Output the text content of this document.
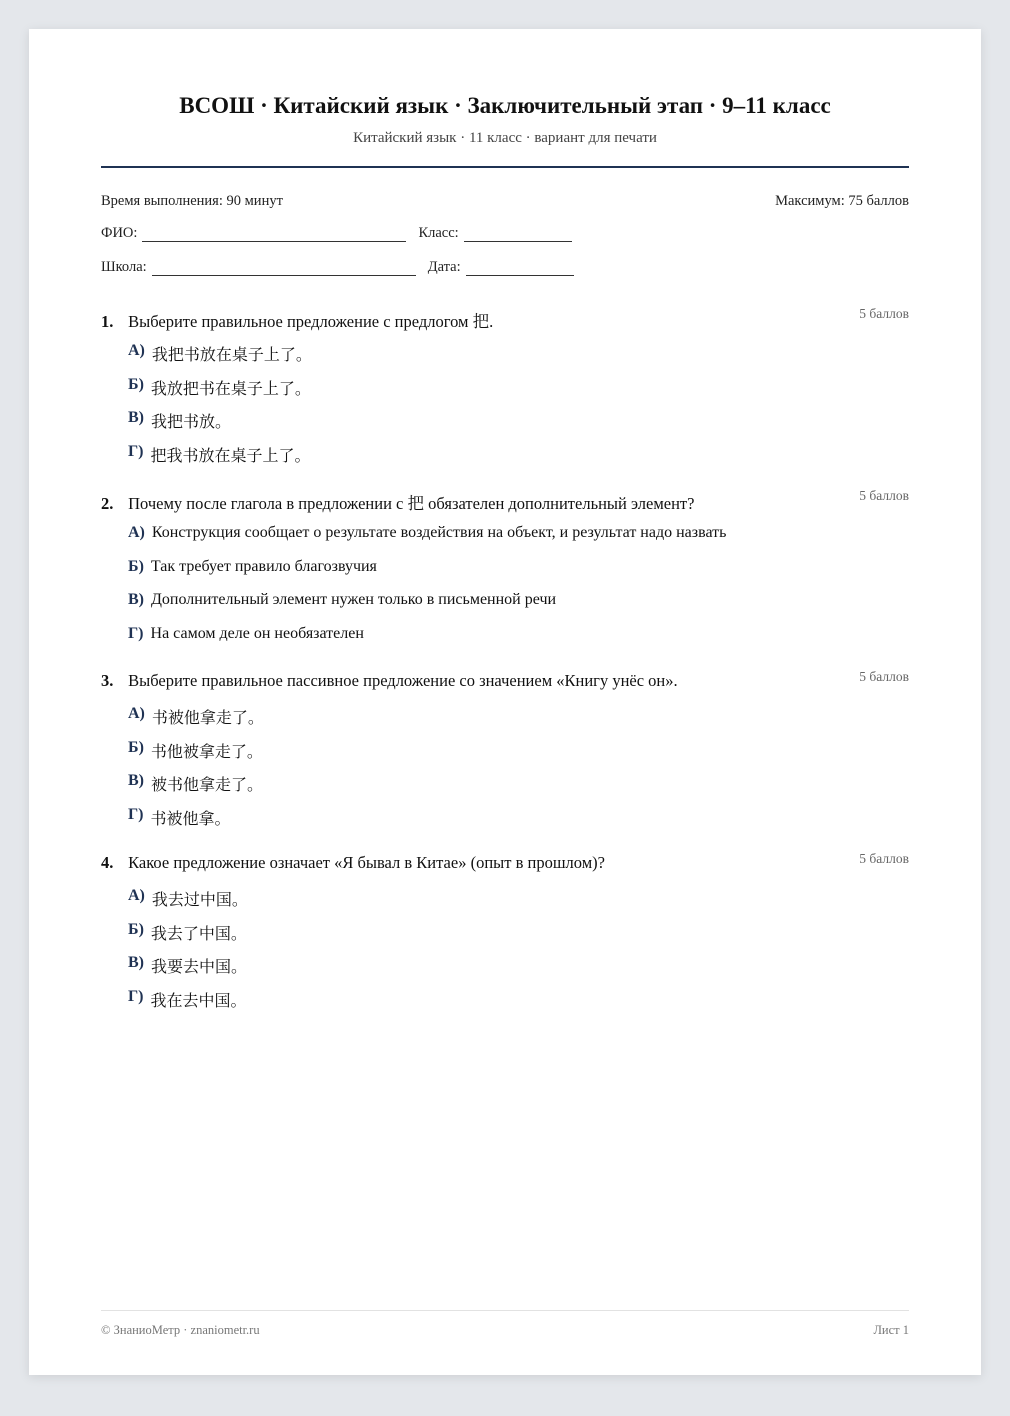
ВСОШ · Китайский язык · Заключительный этап · 9–11 класс
Китайский язык · 11 класс · вариант для печати
Время выполнения: 90 минут	Максимум: 75 баллов
ФИО:	Класс:
Школа:	Дата:
1. Выберите правильное предложение с предлогом 把.	5 баллов
А) 我把书放在桌子上了。
Б) 我放把书在桌子上了。
В) 我把书放。
Г) 把我书放在桌子上了。
2. Почему после глагола в предложении с 把 обязателен дополнительный элемент?	5 баллов
А) Конструкция сообщает о результате воздействия на объект, и результат надо назвать
Б) Так требует правило благозвучия
В) Дополнительный элемент нужен только в письменной речи
Г) На самом деле он необязателен
3. Выберите правильное пассивное предложение со значением «Книгу унёс он».	5 баллов
А) 书被他拿走了。
Б) 书他被拿走了。
В) 被书他拿走了。
Г) 书被他拿。
4. Какое предложение означает «Я бывал в Китае» (опыт в прошлом)?	5 баллов
А) 我去过中国。
Б) 我去了中国。
В) 我要去中国。
Г) 我在去中国。
© ЗнаниоМетр · znaniometr.ru	Лист 1
